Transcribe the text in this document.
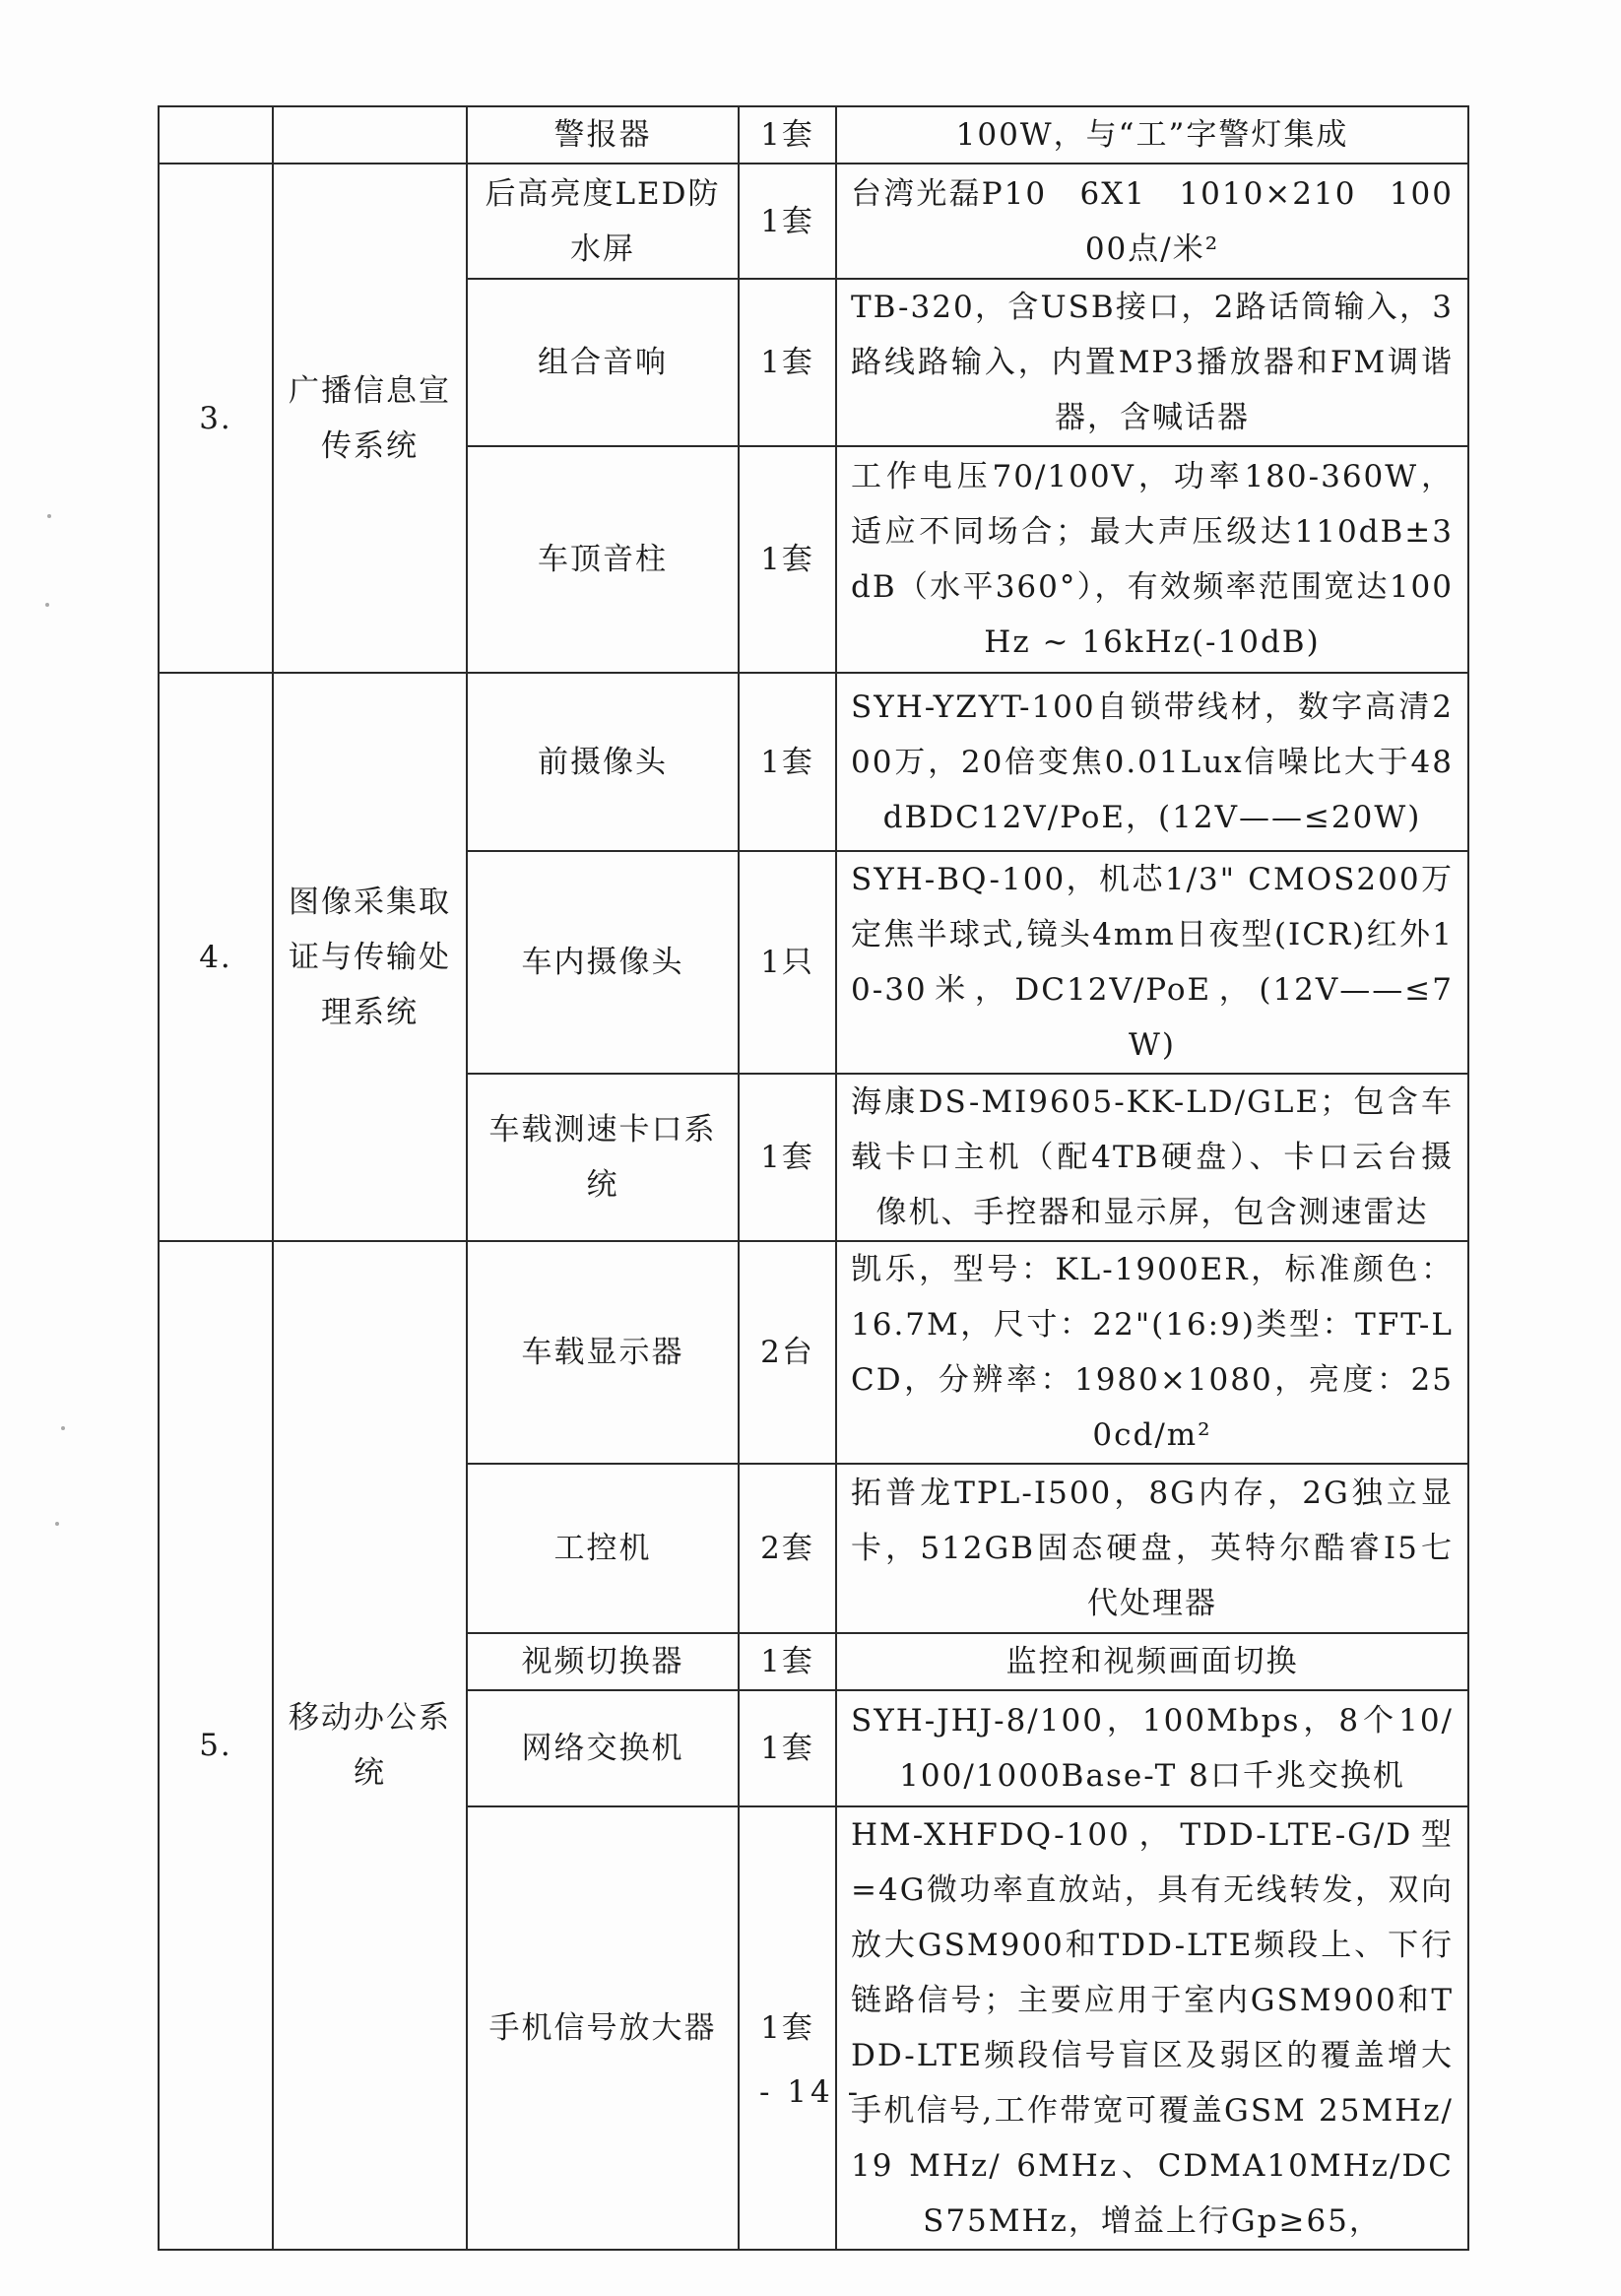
		警报器	1套	100W，与“工”字警灯集成
3.	广播信息宣传系统	后高亮度LED防水屏	1套	台湾光磊P10　6X1　1010×210　10000点/米²
		组合音响	1套	TB-320，含USB接口，2路话筒输入，3路线路输入，内置MP3播放器和FM调谐器，含喊话器
		车顶音柱	1套	工作电压70/100V，功率180-360W，适应不同场合；最大声压级达110dB±3dB（水平360°），有效频率范围宽达100Hz ~ 16kHz(-10dB)
4.	图像采集取证与传输处理系统	前摄像头	1套	SYH-YZYT-100自锁带线材，数字高清200万，20倍变焦0.01Lux信噪比大于48dBDC12V/PoE，(12V——≤20W)
		车内摄像头	1只	SYH-BQ-100，机芯1/3" CMOS200万定焦半球式,镜头4mm日夜型(ICR)红外10-30米，DC12V/PoE，(12V——≤7W)
		车载测速卡口系统	1套	海康DS-MI9605-KK-LD/GLE；包含车载卡口主机（配4TB硬盘）、卡口云台摄像机、手控器和显示屏，包含测速雷达
5.	移动办公系统	车载显示器	2台	凯乐，型号：KL-1900ER，标准颜色：16.7M，尺寸：22"(16:9)类型：TFT-LCD，分辨率：1980×1080，亮度：250cd/m²
		工控机	2套	拓普龙TPL-I500，8G内存，2G独立显卡，512GB固态硬盘，英特尔酷睿I5七代处理器
		视频切换器	1套	监控和视频画面切换
		网络交换机	1套	SYH-JHJ-8/100，100Mbps，8个10/100/1000Base-T 8口千兆交换机
		手机信号放大器	1套	HM-XHFDQ-100，TDD-LTE-G/D型=4G微功率直放站，具有无线转发，双向放大GSM900和TDD-LTE频段上、下行链路信号；主要应用于室内GSM900和TDD-LTE频段信号盲区及弱区的覆盖增大手机信号,工作带宽可覆盖GSM 25MHz/19 MHz/ 6MHz、CDMA10MHz/DCS75MHz，增益上行Gp≥65，
- 14 -
